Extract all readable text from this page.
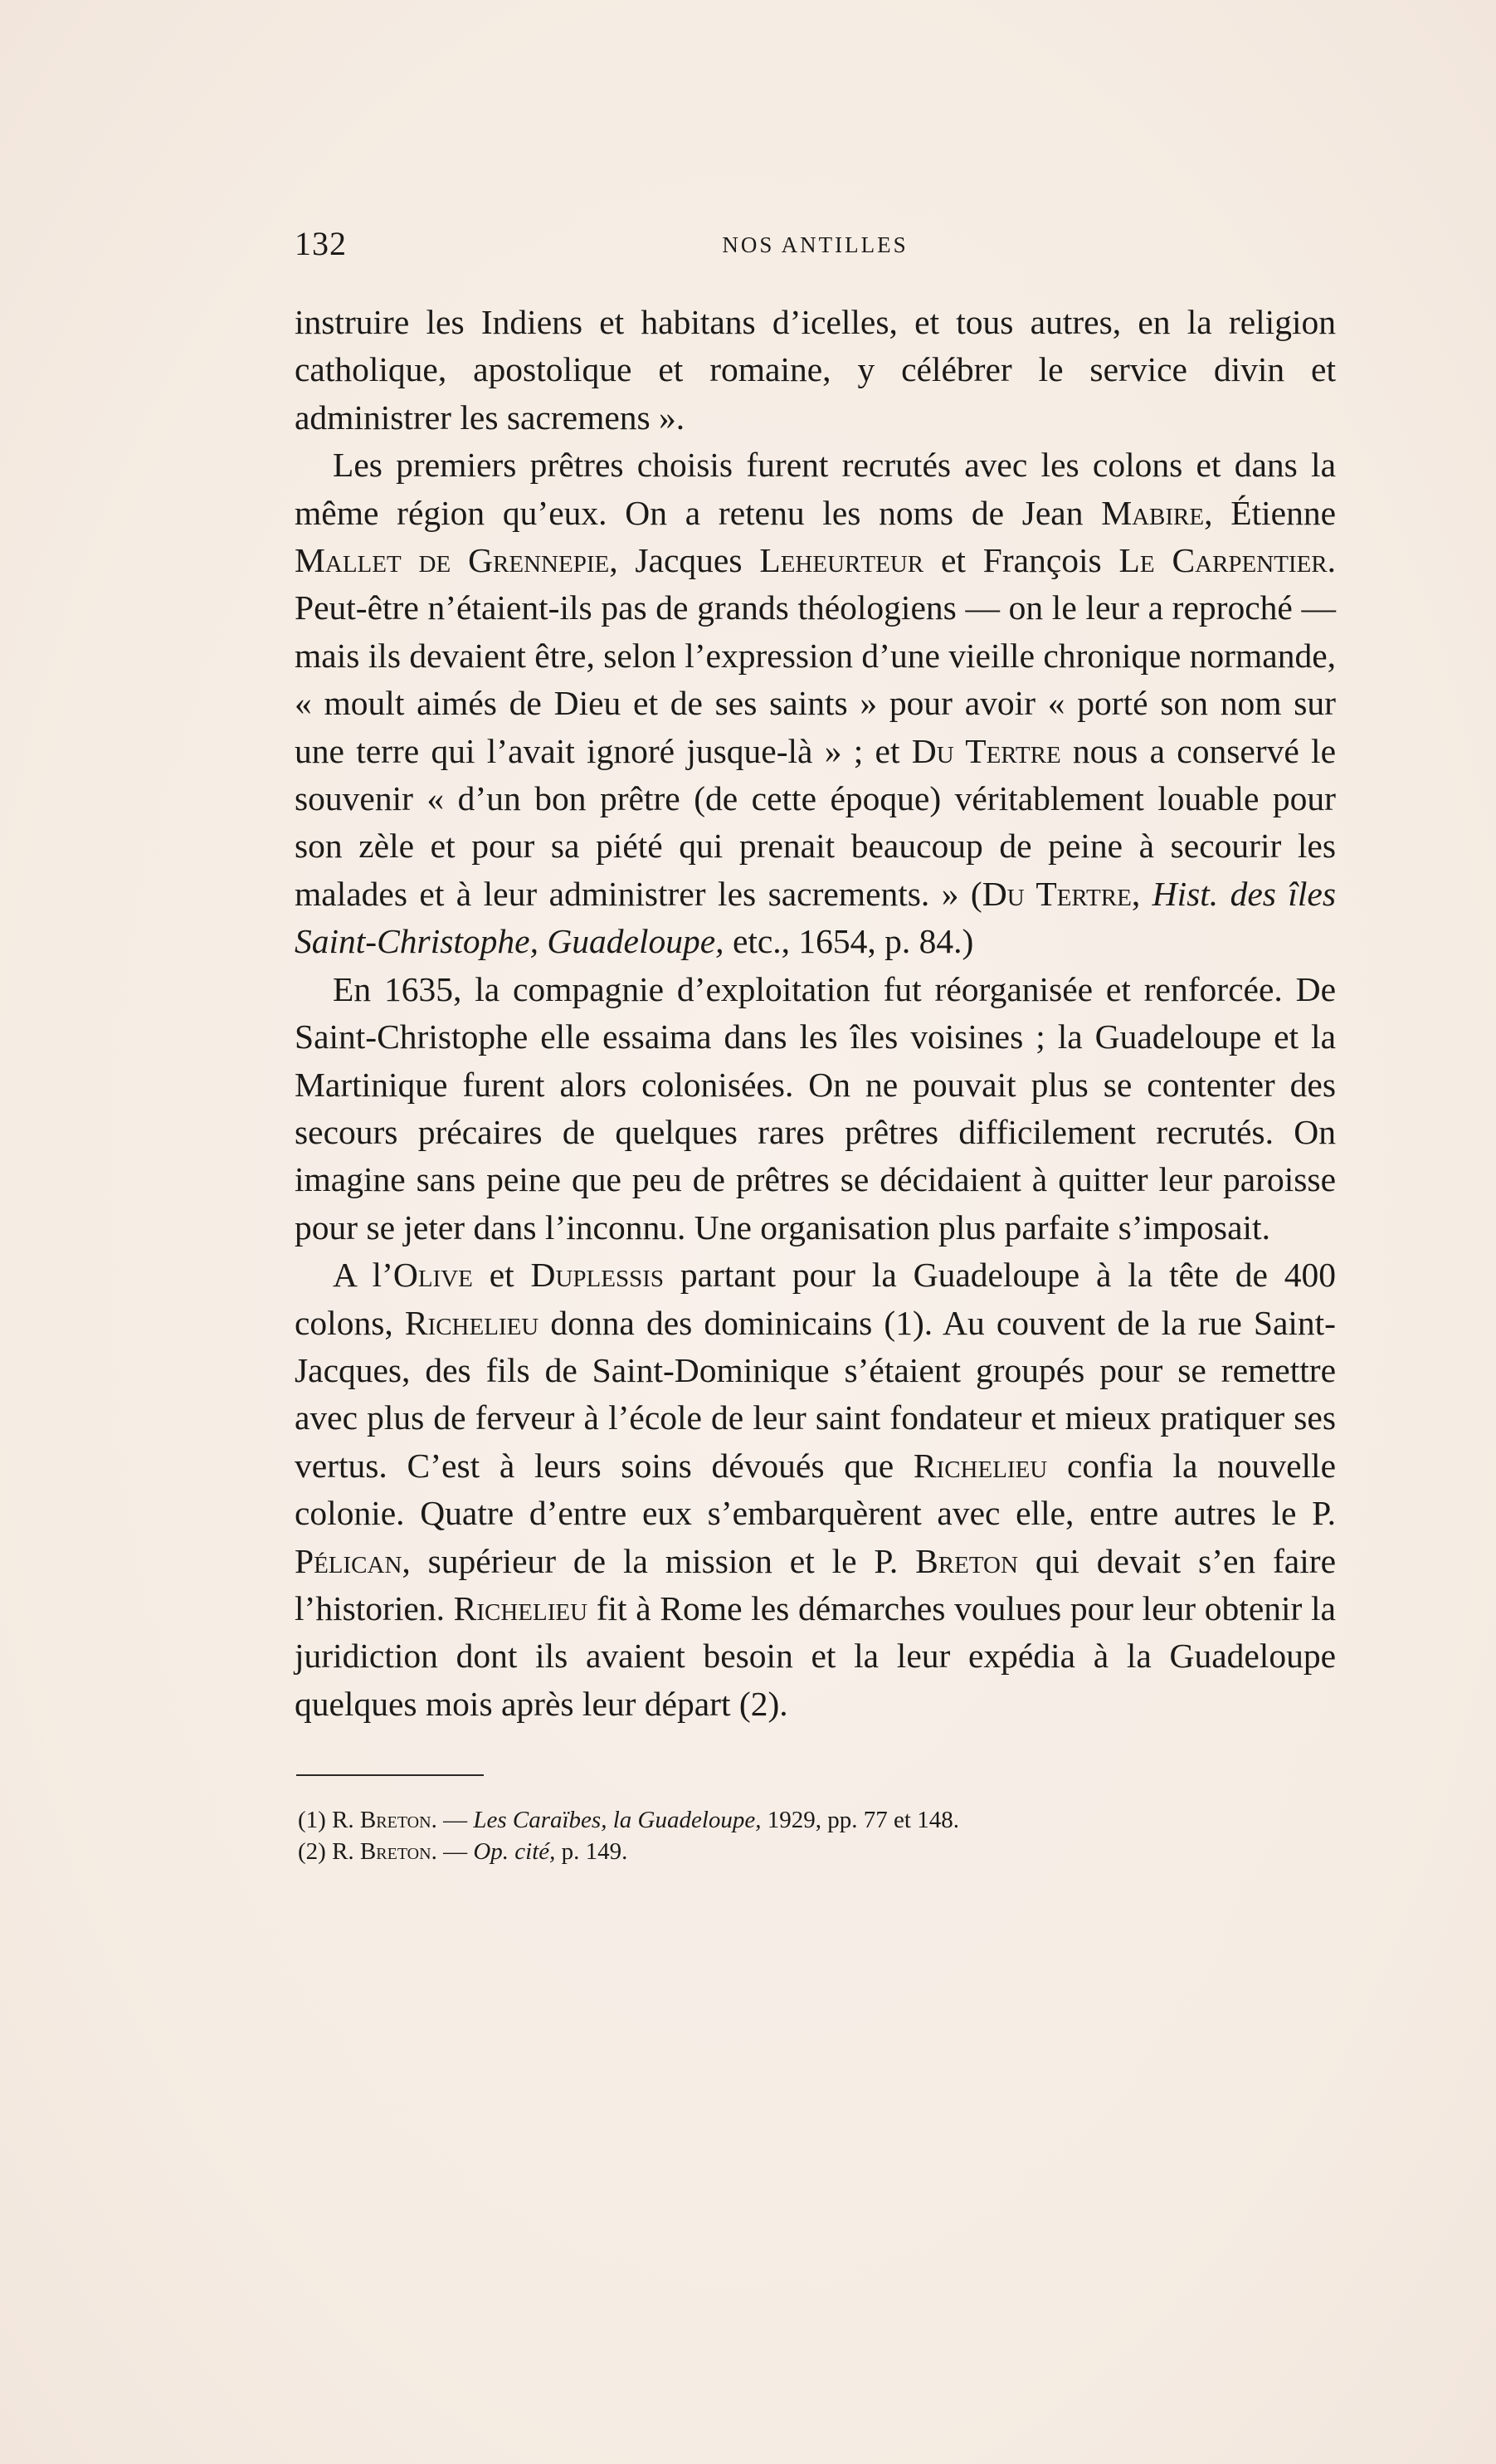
132	NOS ANTILLES

instruire les Indiens et habitans d’icelles, et tous autres, en la religion catholique, apostolique et romaine, y célébrer le service divin et administrer les sacremens ».

Les premiers prêtres choisis furent recrutés avec les colons et dans la même région qu’eux. On a retenu les noms de Jean Mabire, Étienne Mallet de Grennepie, Jacques Leheurteur et François Le Carpentier. Peut-être n’étaient-ils pas de grands théologiens — on le leur a reproché — mais ils devaient être, selon l’expression d’une vieille chronique normande, « moult aimés de Dieu et de ses saints » pour avoir « porté son nom sur une terre qui l’avait ignoré jusque-là » ; et Du Tertre nous a conservé le souvenir « d’un bon prêtre (de cette époque) véritablement louable pour son zèle et pour sa piété qui prenait beaucoup de peine à secourir les malades et à leur administrer les sacrements. » (Du Tertre, Hist. des îles Saint-Christophe, Guadeloupe, etc., 1654, p. 84.)

En 1635, la compagnie d’exploitation fut réorganisée et renforcée. De Saint-Christophe elle essaima dans les îles voisines ; la Guadeloupe et la Martinique furent alors colonisées. On ne pouvait plus se contenter des secours précaires de quelques rares prêtres difficilement recrutés. On imagine sans peine que peu de prêtres se décidaient à quitter leur paroisse pour se jeter dans l’inconnu. Une organisation plus parfaite s’imposait.

A l’Olive et Duplessis partant pour la Guadeloupe à la tête de 400 colons, Richelieu donna des dominicains (1). Au couvent de la rue Saint-Jacques, des fils de Saint-Dominique s’étaient groupés pour se remettre avec plus de ferveur à l’école de leur saint fondateur et mieux pratiquer ses vertus. C’est à leurs soins dévoués que Richelieu confia la nouvelle colonie. Quatre d’entre eux s’embarquèrent avec elle, entre autres le P. Pélican, supérieur de la mission et le P. Breton qui devait s’en faire l’historien. Richelieu fit à Rome les démarches voulues pour leur obtenir la juridiction dont ils avaient besoin et la leur expédia à la Guadeloupe quelques mois après leur départ (2).

(1) R. Breton. — Les Caraïbes, la Guadeloupe, 1929, pp. 77 et 148.

(2) R. Breton. — Op. cité, p. 149.
